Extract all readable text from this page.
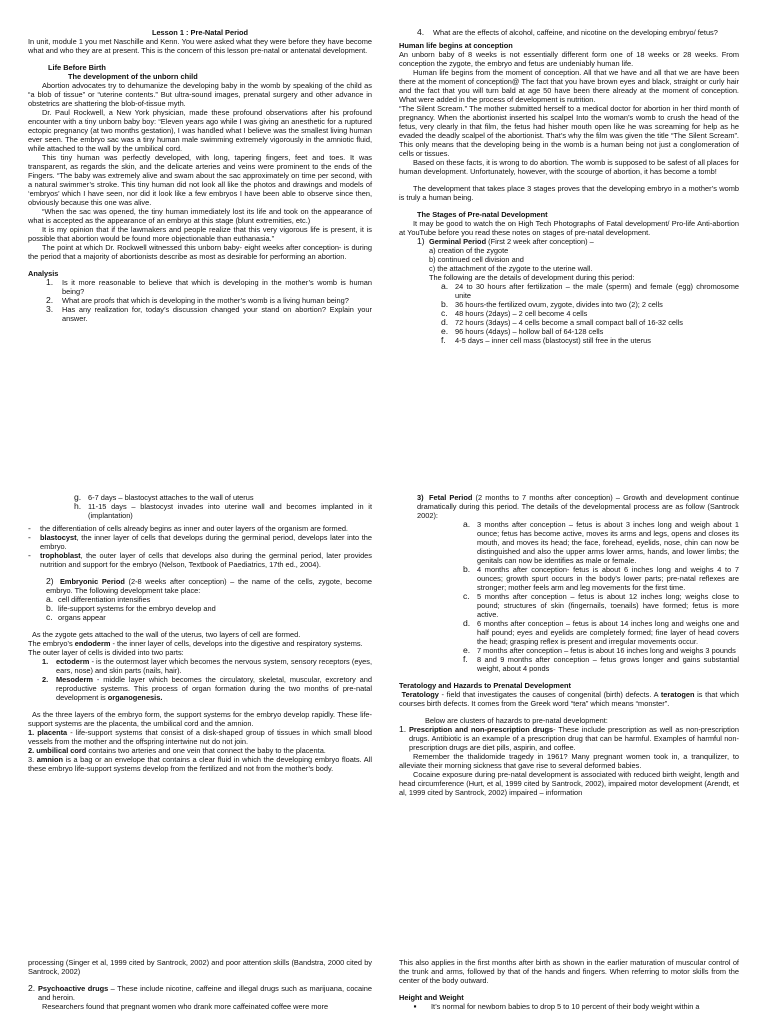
Lesson 1 : Pre-Natal Period

In unit, module 1 you met Naschille and Kenn. You were asked what they were before they have become what and who they are at present. This is the concern of this lesson pre-natal or antenatal development.

Life Before Birth

The development of the unborn child

Abortion advocates try to dehumanize the developing baby in the womb by speaking of the child as “a blob of tissue” or “uterine contents.” But ultra-sound images, prenatal surgery and other advance in obstetrics are shattering the blob-of-tissue myth.

Dr. Paul Rockwell, a New York physician, made these profound observations after his profound encounter with a tiny unborn baby boy: “Eleven years ago while I was giving an anesthetic for a ruptured ectopic pregnancy (at two months gestation), I was handled what I believe was the smallest living human ever seen. The embryo sac was a tiny human male swimming extremely vigorously in the amniotic fluid, while attached to the wall by the umbilical cord.

This tiny human was perfectly developed, with long, tapering fingers, feet and toes. It was transparent, as regards the skin, and the delicate arteries and veins were prominent to the ends of the Fingers. “The baby was extremely alive and swam about the sac approximately on time per second, with a natural swimmer’s stroke. This tiny human did not look all like the photos and drawings and models of ‘embryos’ which I have seen, nor did it look like a few embryos I have been able to observe since then, obviously because this one was alive.

“When the sac was opened, the tiny human immediately lost its life and took on the appearance of what is accepted as the appearance of an embryo at this stage (blunt extremities, etc.)

It is my opinion that if the lawmakers and people realize that this very vigorous life is present, it is possible that abortion would be found more objectionable than euthanasia.”

The point at which Dr. Rockwell witnessed this unborn baby- eight weeks after conception- is during the period that a majority of abortionists describe as most as desirable for performing an abortion.

Analysis

1.	Is it more reasonable to believe that which is developing in the mother’s womb is human being?
2.	What are proofs that which is developing in the mother’s womb is a living human being?
3.	Has any realization for, today’s discussion changed your stand on abortion? Explain your answer.
4.	What are the effects of alcohol, caffeine, and nicotine on the developing embryo/ fetus?

Human life begins at conception

An unborn baby of 8 weeks is not essentially different form one of 18 weeks or 28 weeks. From conception the zygote, the embryo and fetus are undeniably human life.

Human life begins from the moment of conception. All that we have and all that we are have been there at the moment of conception@ The fact that you have brown eyes and black, straight or curly hair and the fact that you will turn bald at age 50 have been there already at the moment of conception. What were added in the process of development is nutrition.

“The Silent Scream.” The mother submitted herself to a medical doctor for abortion in her third month of pregnancy. When the abortionist inserted his scalpel Into the woman’s womb to crush the head of the fetus, very clearly in that film, the fetus had hisher mouth open like he was screaming for help as he evaded the deadly scalpel of the abortionist. That’s why the film was given the title “The Silent Scream”. This only means that the developing being in the womb is a human being not just a conglomeration of cells or tissues.

Based on these facts, it is wrong to do abortion. The womb is supposed to be safest of all places for human development. Unfortunately, however, with the scourge of abortion, it has become a tomb!

The development that takes place 3 stages proves that the developing embryo in a mother’s womb is truly a human being.

The Stages of Pre-natal Development

It may be good to watch the on High Tech Photographs of Fatal development/ Pro-life Anti-abortion at YouTube before you read these notes on stages of pre-natal development.

1) Germinal Period (First 2 week after conception) –

a) creation of the zygote

b) continued cell division and

c) the attachment of the zygote to the uterine wall.

The following are the details of development during this period:

a. 24 to 30 hours after fertilization – the male (sperm) and female (egg) chromosome unite
b. 36 hours-the fertilized ovum, zygote, divides into two (2); 2 cells
c. 48 hours (2days) – 2 cell become 4 cells
d. 72 hours (3days) – 4 cells become a small compact ball of 16-32 cells
e. 96 hours (4days) – hollow ball of 64-128 cells
f.	4-5 days – inner cell mass (blastocyst) still free in the uterus
g. 6-7 days – blastocyst attaches to the wall of uterus
h. 11-15 days – blastocyst invades into uterine wall and becomes implanted in it (implantation)
-	the differentiation of cells already begins as inner and outer layers of the organism are formed.
-	blastocyst, the inner layer of cells that develops during the germinal period, develops later into the embryo.
-	trophoblast, the outer layer of cells that develops also during the germinal period, later provides nutrition and support for the embryo (Nelson, Textbook of Paediatrics, 17th ed., 2004).

2) Embryonic Period (2-8 weeks after conception) – the name of the cells, zygote, become embryo. The following development take place:

a. cell differentiation intensifies
b. life-support systems for the embryo develop and
c. organs appear

As the zygote gets attached to the wall of the uterus, two layers of cell are formed.

The embryo’s endoderm - the inner layer of cells, develops into the digestive and respiratory systems.

The outer layer of cells is divided into two parts:

1.	ectoderm - is the outermost layer which becomes the nervous system, sensory receptors (eyes, ears, nose) and skin parts (nails, hair).
2.	Mesoderm - middle layer which becomes the circulatory, skeletal, muscular, excretory and reproductive systems. This process of organ formation during the two months of pre-natal development is organogenesis.

As the three layers of the embryo form, the support systems for the embryo develop rapidly. These life-support systems are the placenta, the umbilical cord and the amnion.

1. placenta - life-support systems that consist of a disk-shaped group of tissues in which small blood vessels from the mother and the offspring intertwine nut do not join.

2. umbilical cord contains two arteries and one vein that connect the baby to the placenta.

3. amnion is a bag or an envelope that contains a clear fluid in which the developing embryo floats. All these embryo life-support systems develop from the fertilized and not from the mother’s body.

3) Fetal Period (2 months to 7 months after conception) – Growth and development continue dramatically during this period. The details of the developmental process are as follow (Santrock 2002):

a. 3 months after conception – fetus is about 3 inches long and weigh about 1 ounce; fetus has become active, moves its arms and legs, opens and closes its mouth, and moves its head; the face, forehead, eyelids, nose, chin can now be distinguished and also the upper arms lower arms, hands, and lower limbs; the genitals can now be identifies as male or female.
b. 4 months after conception- fetus is about 6 inches long and weighs 4 to 7 ounces; growth spurt occurs in the body’s lower parts; pre-natal reflexes are stronger; mother feels arm and leg movements for the first time.
c. 5 months after conception – fetus is about 12 inches long; weighs close to pound; structures of skin (fingernails, toenails) have formed; fetus is more active.
d. 6 months after conception – fetus is about 14 inches long and weighs one and half pound; eyes and eyelids are completely formed; fine layer of head covers the head; grasping reflex is present and irregular movements occur.
e. 7 months after conception – fetus is about 16 inches long and weighs 3 pounds
f.	8 and 9 months after conception – fetus grows longer and gains substantial weight, about 4 ponds

Teratology and Hazards to Prenatal Development

Teratology - field that investigates the causes of congenital (birth) defects. A teratogen is that which courses birth defects. It comes from the Greek word “tera” which means “monster”.

Below are clusters of hazards to pre-natal development:

1. Prescription and non-prescription drugs- These include prescription as well as non-prescription drugs. Antibiotic is an example of a prescription drug that can be harmful. Examples of harmful non-prescription drugs are diet pills, aspirin, and coffee.

Remember the thalidomide tragedy in 1961? Many pregnant women took in, a tranquilizer, to alleviate their morning sickness that gave rise to several deformed babies.

Cocaine exposure during pre-natal development is associated with reduced birth weight, length and head circumference (Hurt, et al, 1999 cited by Santrock, 2002), impaired motor development (Arendt, et al, 1999 cited by Santrock, 2002) impaired – information

processing (Singer et al, 1999 cited by Santrock, 2002) and poor attention skills (Bandstra, 2000 cited by Santrock, 2002)

2. Psychoactive drugs – These include nicotine, caffeine and illegal drugs such as marijuana, cocaine and heroin.

Researchers found that pregnant women who drank more caffeinated coffee were more

This also applies in the first months after birth as shown in the earlier maturation of muscular control of the trunk and arms, followed by that of the hands and fingers. When referring to motor skills from the center of the body outward.

Height and Weight

▪	It’s normal for newborn babies to drop 5 to 10 percent of their body weight within a
